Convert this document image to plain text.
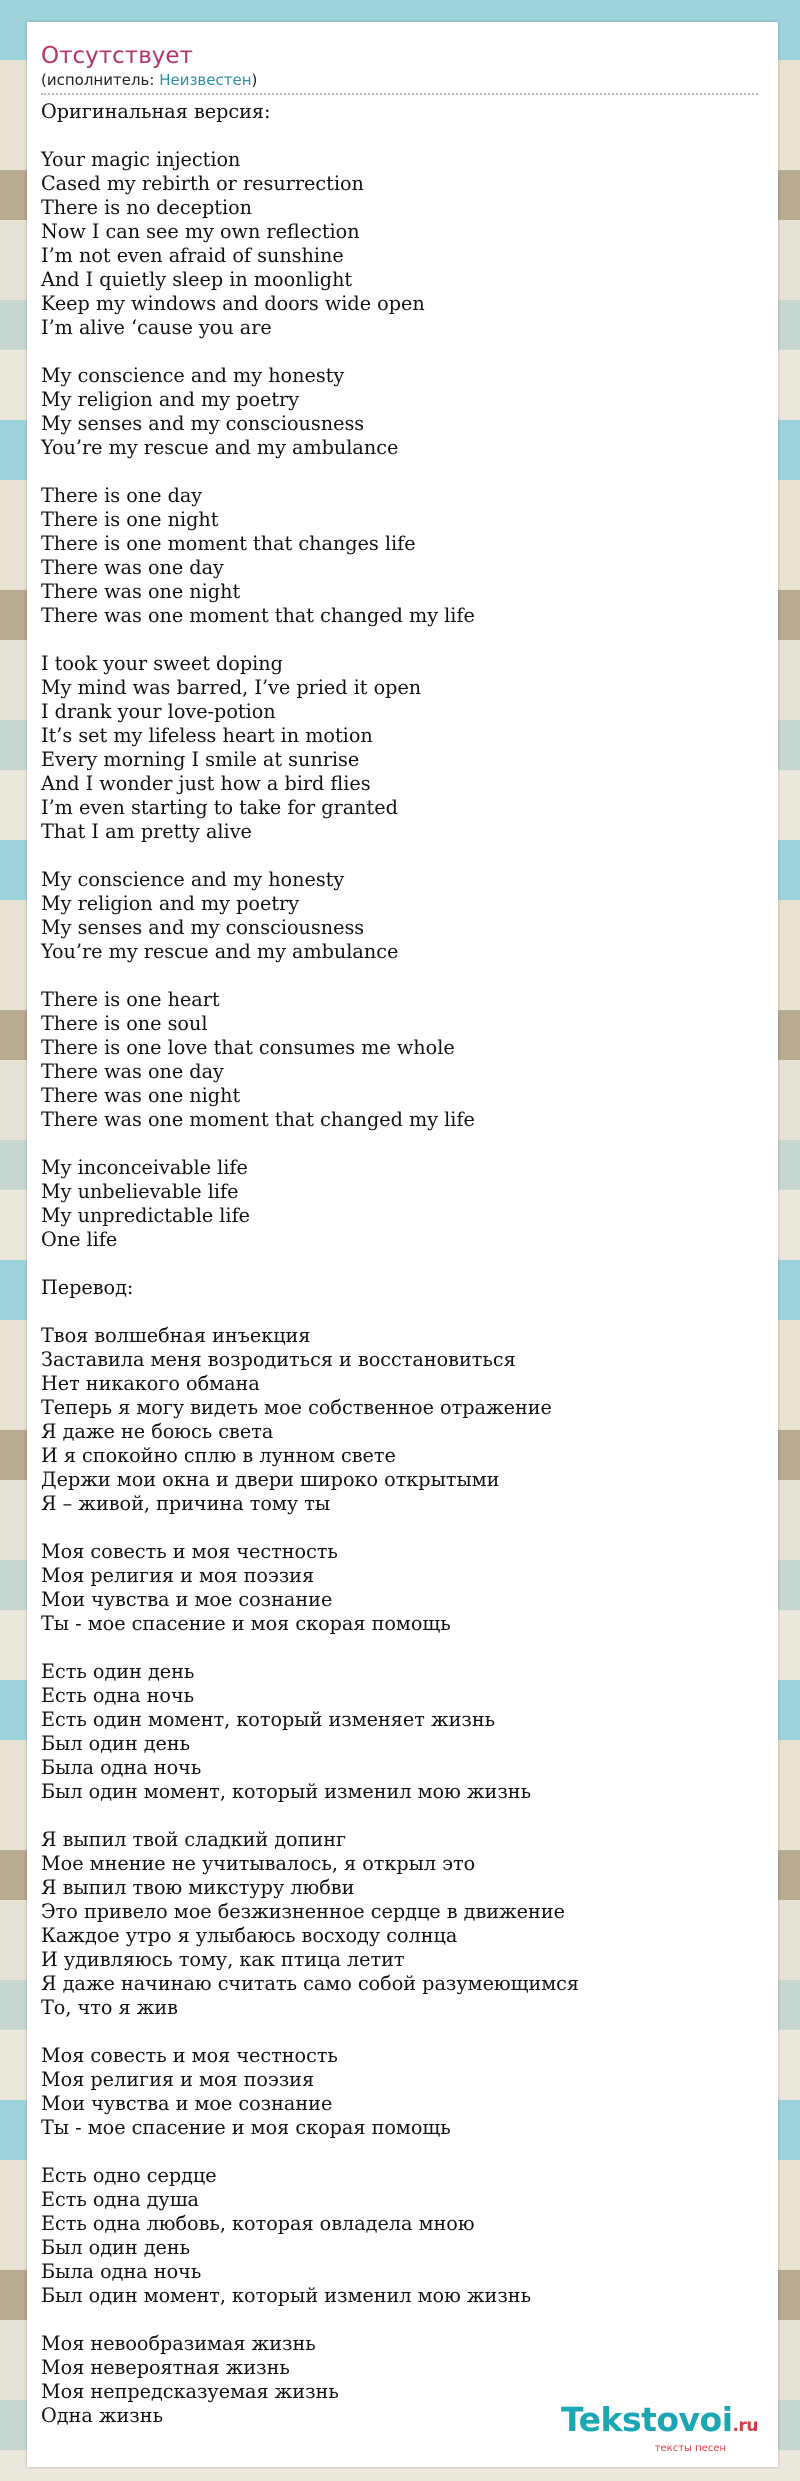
Отсутствует
(исполнитель: Неизвестен)
Оригинальная версия:
Your magic injection
Cased my rebirth or resurrection
There is no deception
Now I can see my own reflection
I’m not even afraid of sunshine
And I quietly sleep in moonlight
Keep my windows and doors wide open
I’m alive ‘cause you are
My conscience and my honesty
My religion and my poetry
My senses and my consciousness
You’re my rescue and my ambulance
There is one day
There is one night
There is one moment that changes life
There was one day
There was one night
There was one moment that changed my life
I took your sweet doping
My mind was barred, I’ve pried it open
I drank your love-potion
It’s set my lifeless heart in motion
Every morning I smile at sunrise
And I wonder just how a bird flies
I’m even starting to take for granted
That I am pretty alive
My conscience and my honesty
My religion and my poetry
My senses and my consciousness
You’re my rescue and my ambulance
There is one heart
There is one soul
There is one love that consumes me whole
There was one day
There was one night
There was one moment that changed my life
My inconceivable life
My unbelievable life
My unpredictable life
One life
Перевод:
Твоя волшебная инъекция
Заставила меня возродиться и восстановиться
Нет никакого обмана
Теперь я могу видеть мое собственное отражение
Я даже не боюсь света
И я спокойно сплю в лунном свете
Держи мои окна и двери широко открытыми
Я – живой, причина тому ты
Моя совесть и моя честность
Моя религия и моя поэзия
Мои чувства и мое сознание
Ты - мое спасение и моя скорая помощь
Есть один день
Есть одна ночь
Есть один момент, который изменяет жизнь
Был один день
Была одна ночь
Был один момент, который изменил мою жизнь
Я выпил твой сладкий допинг
Мое мнение не учитывалось, я открыл это
Я выпил твою микстуру любви
Это привело мое безжизненное сердце в движение
Каждое утро я улыбаюсь восходу солнца
И удивляюсь тому, как птица летит
Я даже начинаю считать само собой разумеющимся
То, что я жив
Моя совесть и моя честность
Моя религия и моя поэзия
Мои чувства и мое сознание
Ты - мое спасение и моя скорая помощь
Есть одно сердце
Есть одна душа
Есть одна любовь, которая овладела мною
Был один день
Была одна ночь
Был один момент, который изменил мою жизнь
Моя невообразимая жизнь
Моя невероятная жизнь
Моя непредсказуемая жизнь
Одна жизнь	Tekstovoi.ru
тексты песен
